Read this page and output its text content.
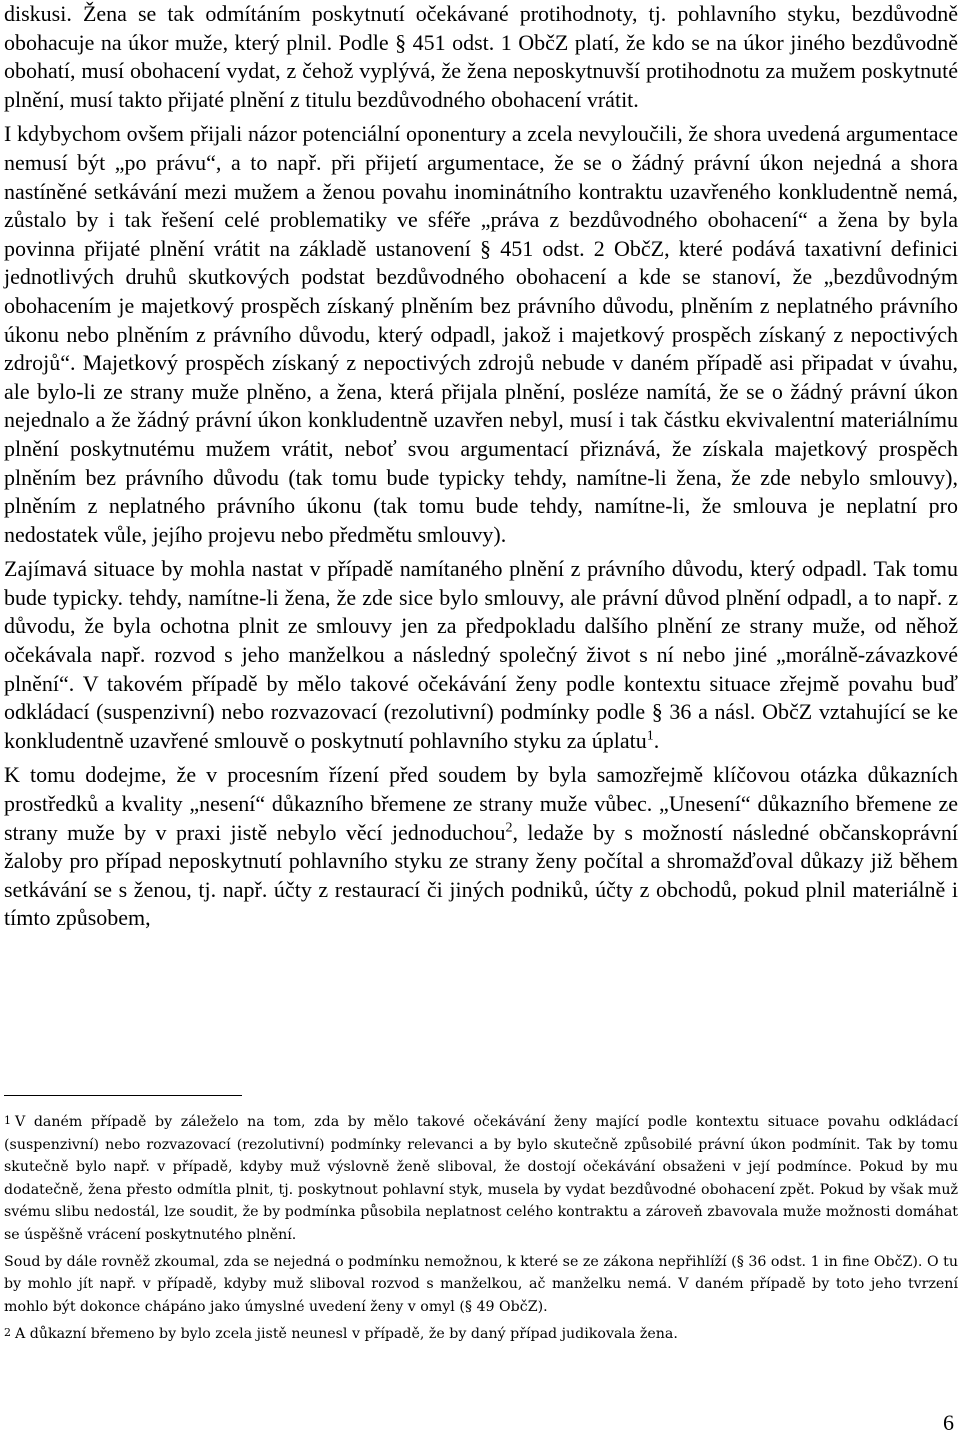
diskusi. Žena se tak odmítáním poskytnutí očekávané protihodnoty, tj. pohlavního styku, bezdůvodně obohacuje na úkor muže, který plnil. Podle § 451 odst. 1 ObčZ platí, že kdo se na úkor jiného bezdůvodně obohatí, musí obohacení vydat, z čehož vyplývá, že žena neposkytnuvší protihodnotu za mužem poskytnuté plnění, musí takto přijaté plnění z titulu bezdůvodného obohacení vrátit.

I kdybychom ovšem přijali názor potenciální oponentury a zcela nevyloučili, že shora uvedená argumentace nemusí být „po právu“, a to např. při přijetí argumentace, že se o žádný právní úkon nejedná a shora nastíněné setkávání mezi mužem a ženou povahu inominátního kontraktu uzavřeného konkludentně nemá, zůstalo by i tak řešení celé problematiky ve sféře „práva z bezdůvodného obohacení“ a žena by byla povinna přijaté plnění vrátit na základě ustanovení § 451 odst. 2 ObčZ, které podává taxativní definici jednotlivých druhů skutkových podstat bezdůvodného obohacení a kde se stanoví, že „bezdůvodným obohacením je majetkový prospěch získaný plněním bez právního důvodu, plněním z neplatného právního úkonu nebo plněním z právního důvodu, který odpadl, jakož i majetkový prospěch získaný z nepoctivých zdrojů“. Majetkový prospěch získaný z nepoctivých zdrojů nebude v daném případě asi připadat v úvahu, ale bylo-li ze strany muže plněno, a žena, která přijala plnění, posléze namítá, že se o žádný právní úkon nejednalo a že žádný právní úkon konkludentně uzavřen nebyl, musí i tak částku ekvivalentní materiálnímu plnění poskytnutému mužem vrátit, neboť svou argumentací přiznává, že získala majetkový prospěch plněním bez právního důvodu (tak tomu bude typicky tehdy, namítne-li žena, že zde nebylo smlouvy), plněním z neplatného právního úkonu (tak tomu bude tehdy, namítne-li, že smlouva je neplatní pro nedostatek vůle, jejího projevu nebo předmětu smlouvy).

Zajímavá situace by mohla nastat v případě namítaného plnění z právního důvodu, který odpadl. Tak tomu bude typicky. tehdy, namítne-li žena, že zde sice bylo smlouvy, ale právní důvod plnění odpadl, a to např. z důvodu, že byla ochotna plnit ze smlouvy jen za předpokladu dalšího plnění ze strany muže, od něhož očekávala např. rozvod s jeho manželkou a následný společný život s ní nebo jiné „morálně-závazkové plnění“. V takovém případě by mělo takové očekávání ženy podle kontextu situace zřejmě povahu buď odkládací (suspenzivní) nebo rozvazovací (rezolutivní) podmínky podle § 36 a násl. ObčZ vztahující se ke konkludentně uzavřené smlouvě o poskytnutí pohlavního styku za úplatu$^1$.

K tomu dodejme, že v procesním řízení před soudem by byla samozřejmě klíčovou otázka důkazních prostředků a kvality „nesení“ důkazního břemene ze strany muže vůbec. „Unesení“ důkazního břemene ze strany muže by v praxi jistě nebylo věcí jednoduchou$^2$, ledaže by s možností následné občanskoprávní žaloby pro případ neposkytnutí pohlavního styku ze strany ženy počítal a shromažďoval důkazy již během setkávání se s ženou, tj. např. účty z restaurací či jiných podniků, účty z obchodů, pokud plnil materiálně i tímto způsobem,

1 V daném případě by záleželo na tom, zda by mělo takové očekávání ženy mající podle kontextu situace povahu odkládací (suspenzivní) nebo rozvazovací (rezolutivní) podmínky relevanci a by bylo skutečně způsobilé právní úkon podmínit. Tak by tomu skutečně bylo např. v případě, kdyby muž výslovně ženě sliboval, že dostojí očekávání obsaženi v její podmínce. Pokud by mu dodatečně, žena přesto odmítla plnit, tj. poskytnout pohlavní styk, musela by vydat bezdůvodné obohacení zpět. Pokud by však muž svému slibu nedostál, lze soudit, že by podmínka působila neplatnost celého kontraktu a zároveň zbavovala muže možnosti domáhat se úspěšně vrácení poskytnutého plnění.

Soud by dále rovněž zkoumal, zda se nejedná o podmínku nemožnou, k které se ze zákona nepřihlíží (§ 36 odst. 1 in fine ObčZ). O tu by mohlo jít např. v případě, kdyby muž sliboval rozvod s manželkou, ač manželku nemá. V daném případě by toto jeho tvrzení mohlo být dokonce chápáno jako úmyslné uvedení ženy v omyl (§ 49 ObčZ).

2 A důkazní břemeno by bylo zcela jistě neunesl v případě, že by daný případ judikovala žena.

6
